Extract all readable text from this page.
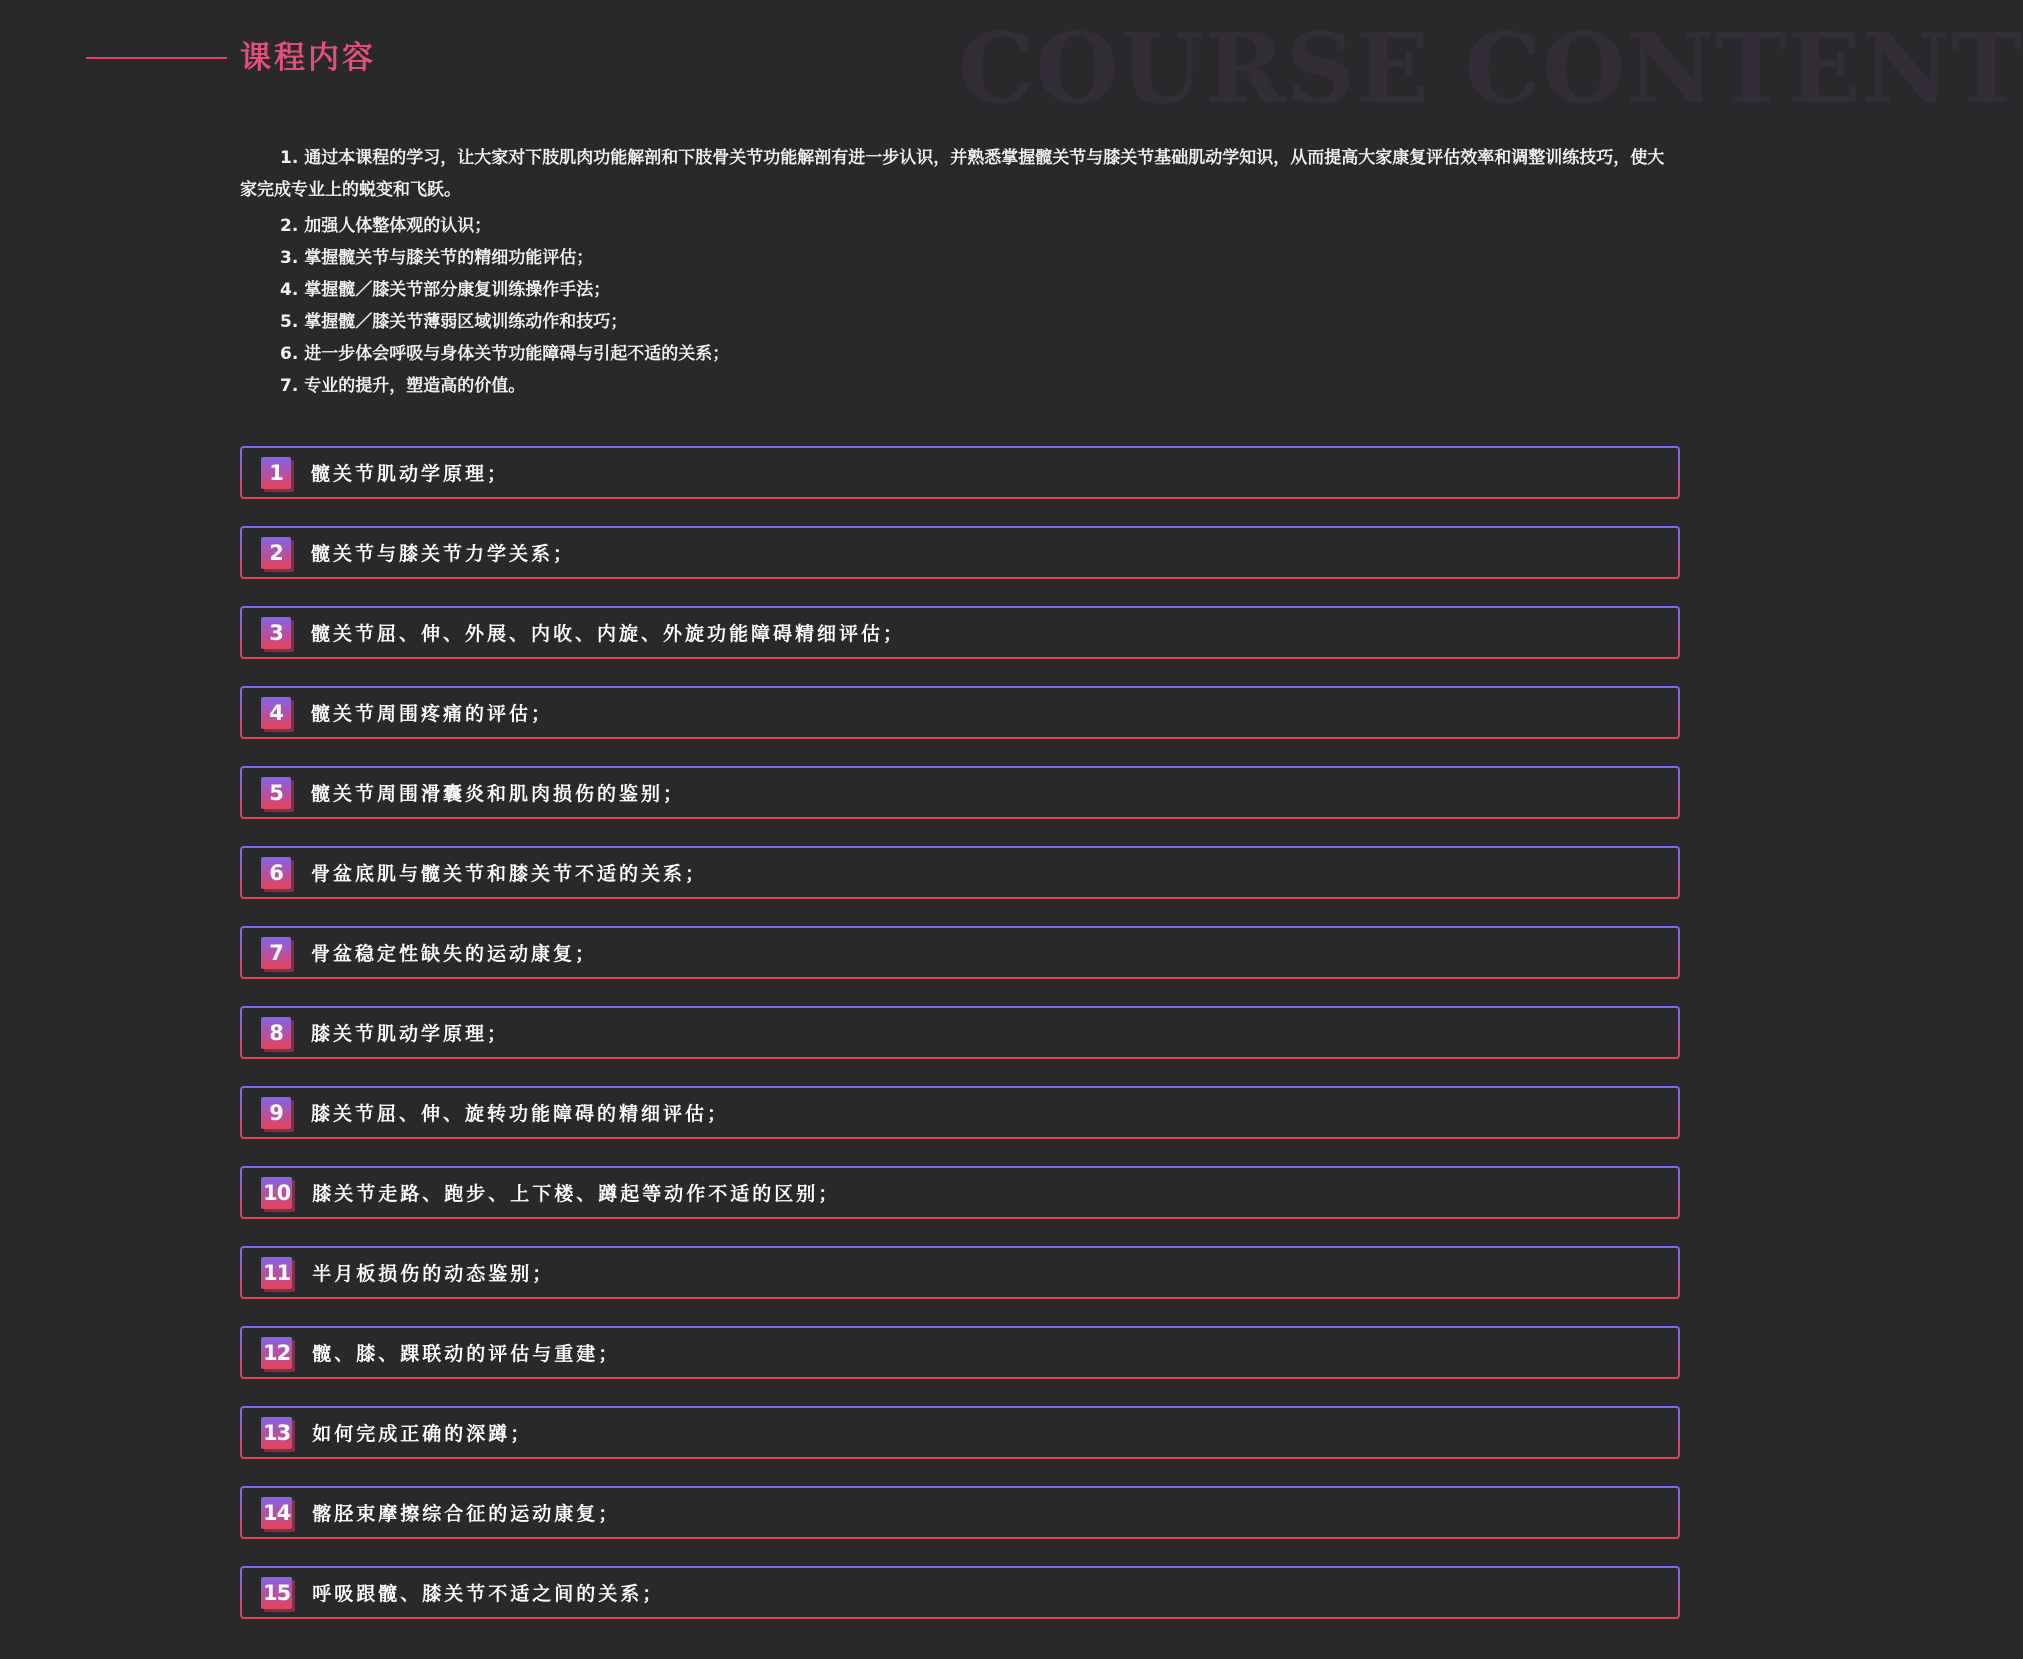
课程内容	COURSE CONTENT

1. 通过本课程的学习，让大家对下肢肌肉功能解剖和下肢骨关节功能解剖有进一步认识，并熟悉掌握髋关节与膝关节基础肌动学知识，从而提高大家康复评估效率和调整训练技巧，使大家完成专业上的蜕变和飞跃。

2. 加强人体整体观的认识；

3. 掌握髋关节与膝关节的精细功能评估；

4. 掌握髋／膝关节部分康复训练操作手法；

5. 掌握髋／膝关节薄弱区域训练动作和技巧；

6. 进一步体会呼吸与身体关节功能障碍与引起不适的关系；

7. 专业的提升，塑造高的价值。

1	髋关节肌动学原理；
2	髋关节与膝关节力学关系；
3	髋关节屈、伸、外展、内收、内旋、外旋功能障碍精细评估；
4	髋关节周围疼痛的评估；
5	髋关节周围滑囊炎和肌肉损伤的鉴别；
6	骨盆底肌与髋关节和膝关节不适的关系；
7	骨盆稳定性缺失的运动康复；
8	膝关节肌动学原理；
9	膝关节屈、伸、旋转功能障碍的精细评估；
10 膝关节走路、跑步、上下楼、蹲起等动作不适的区别；
11 半月板损伤的动态鉴别；
12 髋、膝、踝联动的评估与重建；
13 如何完成正确的深蹲；
14 髂胫束摩擦综合征的运动康复；
15 呼吸跟髋、膝关节不适之间的关系；
